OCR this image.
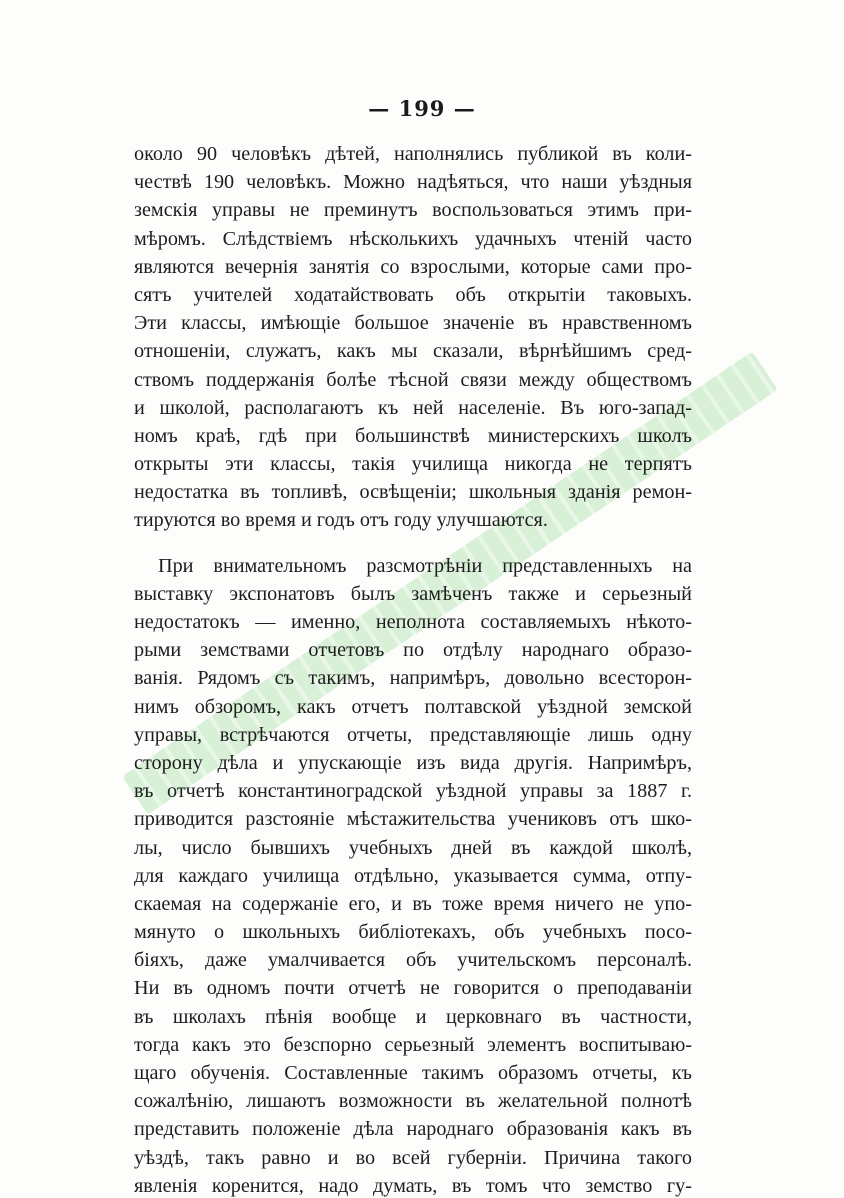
— 199 —
около 90 человѣкъ дѣтей, наполнялись публикой въ коли-
чествѣ 190 человѣкъ. Можно надѣяться, что наши уѣздныя
земскія управы не преминутъ воспользоваться этимъ при-
мѣромъ. Слѣдствіемъ нѣсколькихъ удачныхъ чтеній часто
являются вечернія занятія со взрослыми, которые сами про-
сятъ учителей ходатайствовать объ открытіи таковыхъ.
Эти классы, имѣющіе большое значеніе въ нравственномъ
отношеніи, служатъ, какъ мы сказали, вѣрнѣйшимъ сред-
ствомъ поддержанія болѣе тѣсной связи между обществомъ
и школой, располагаютъ къ ней населеніе. Въ юго-запад-
номъ краѣ, гдѣ при большинствѣ министерскихъ школъ
открыты эти классы, такія училища никогда не терпятъ
недостатка въ топливѣ, освѣщеніи; школьныя зданія ремон-
тируются во время и годъ отъ году улучшаются.
При внимательномъ разсмотрѣніи представленныхъ на
выставку экспонатовъ былъ замѣченъ также и серьезный
недостатокъ — именно, неполнота составляемыхъ нѣкото-
рыми земствами отчетовъ по отдѣлу народнаго образо-
ванія. Рядомъ съ такимъ, напримѣръ, довольно всесторон-
нимъ обзоромъ, какъ отчетъ полтавской уѣздной земской
управы, встрѣчаются отчеты, представляющіе лишь одну
сторону дѣла и упускающіе изъ вида другія. Напримѣръ,
въ отчетѣ константиноградской уѣздной управы за 1887 г.
приводится разстояніе мѣстажительства учениковъ отъ шко-
лы, число бывшихъ учебныхъ дней въ каждой школѣ,
для каждаго училища отдѣльно, указывается сумма, отпу-
скаемая на содержаніе его, и въ тоже время ничего не упо-
мянуто о школьныхъ библіотекахъ, объ учебныхъ посо-
біяхъ, даже умалчивается объ учительскомъ персоналѣ.
Ни въ одномъ почти отчетѣ не говорится о преподаваніи
въ школахъ пѣнія вообще и церковнаго въ частности,
тогда какъ это безспорно серьезный элементъ воспитываю-
щаго обученія. Составленные такимъ образомъ отчеты, къ
сожалѣнію, лишаютъ возможности въ желательной полнотѣ
представить положеніе дѣла народнаго образованія какъ въ
уѣздѣ, такъ равно и во всей губерніи. Причина такого
явленія коренится, надо думать, въ томъ что земство гу-
